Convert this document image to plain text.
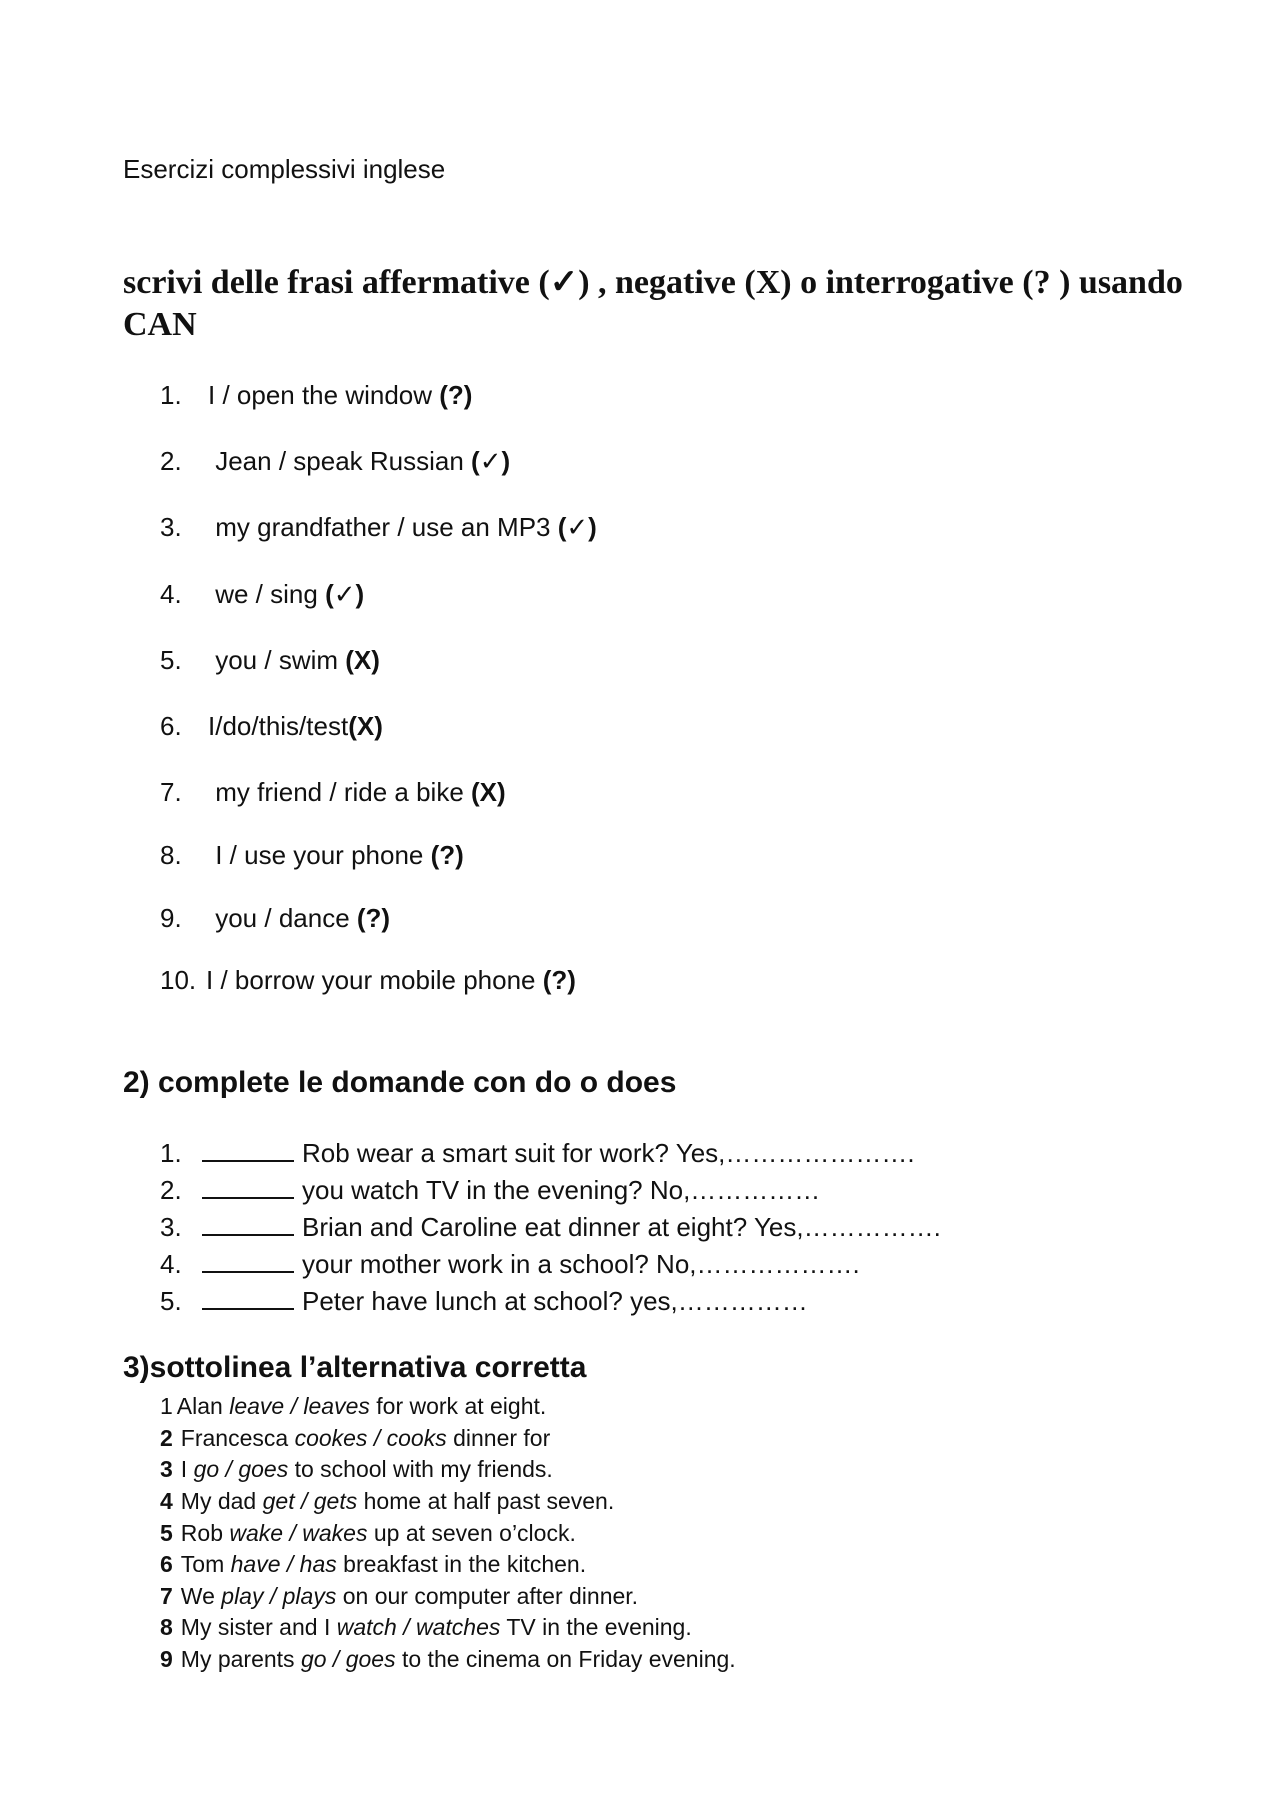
Esercizi complessivi inglese
scrivi delle frasi affermative (✓) , negative (X) o interrogative (? ) usando CAN
1. I / open the window (?)
2. Jean / speak Russian (✓)
3. my grandfather / use an MP3 (✓)
4. we / sing (✓)
5. you / swim (X)
6. I/do/this/test(X)
7. my friend / ride a bike (X)
8. I / use your phone (?)
9. you / dance (?)
10. I / borrow your mobile phone (?)
2) complete le domande con do o does
1.	Rob wear a smart suit for work? Yes,………………….
2.	you watch TV in the evening? No,……………
3.	Brian and Caroline eat dinner at eight? Yes,…………….
4.	your mother work in a school? No,……………….
5.	Peter have lunch at school? yes,……………
3)sottolinea l’alternativa corretta
1 Alan leave / leaves for work at eight.
2 Francesca cookes / cooks dinner for
3 I go / goes to school with my friends.
4 My dad get / gets home at half past seven.
5 Rob wake / wakes up at seven o’clock.
6 Tom have / has breakfast in the kitchen.
7 We play / plays on our computer after dinner.
8 My sister and I watch / watches TV in the evening.
9 My parents go / goes to the cinema on Friday evening.
